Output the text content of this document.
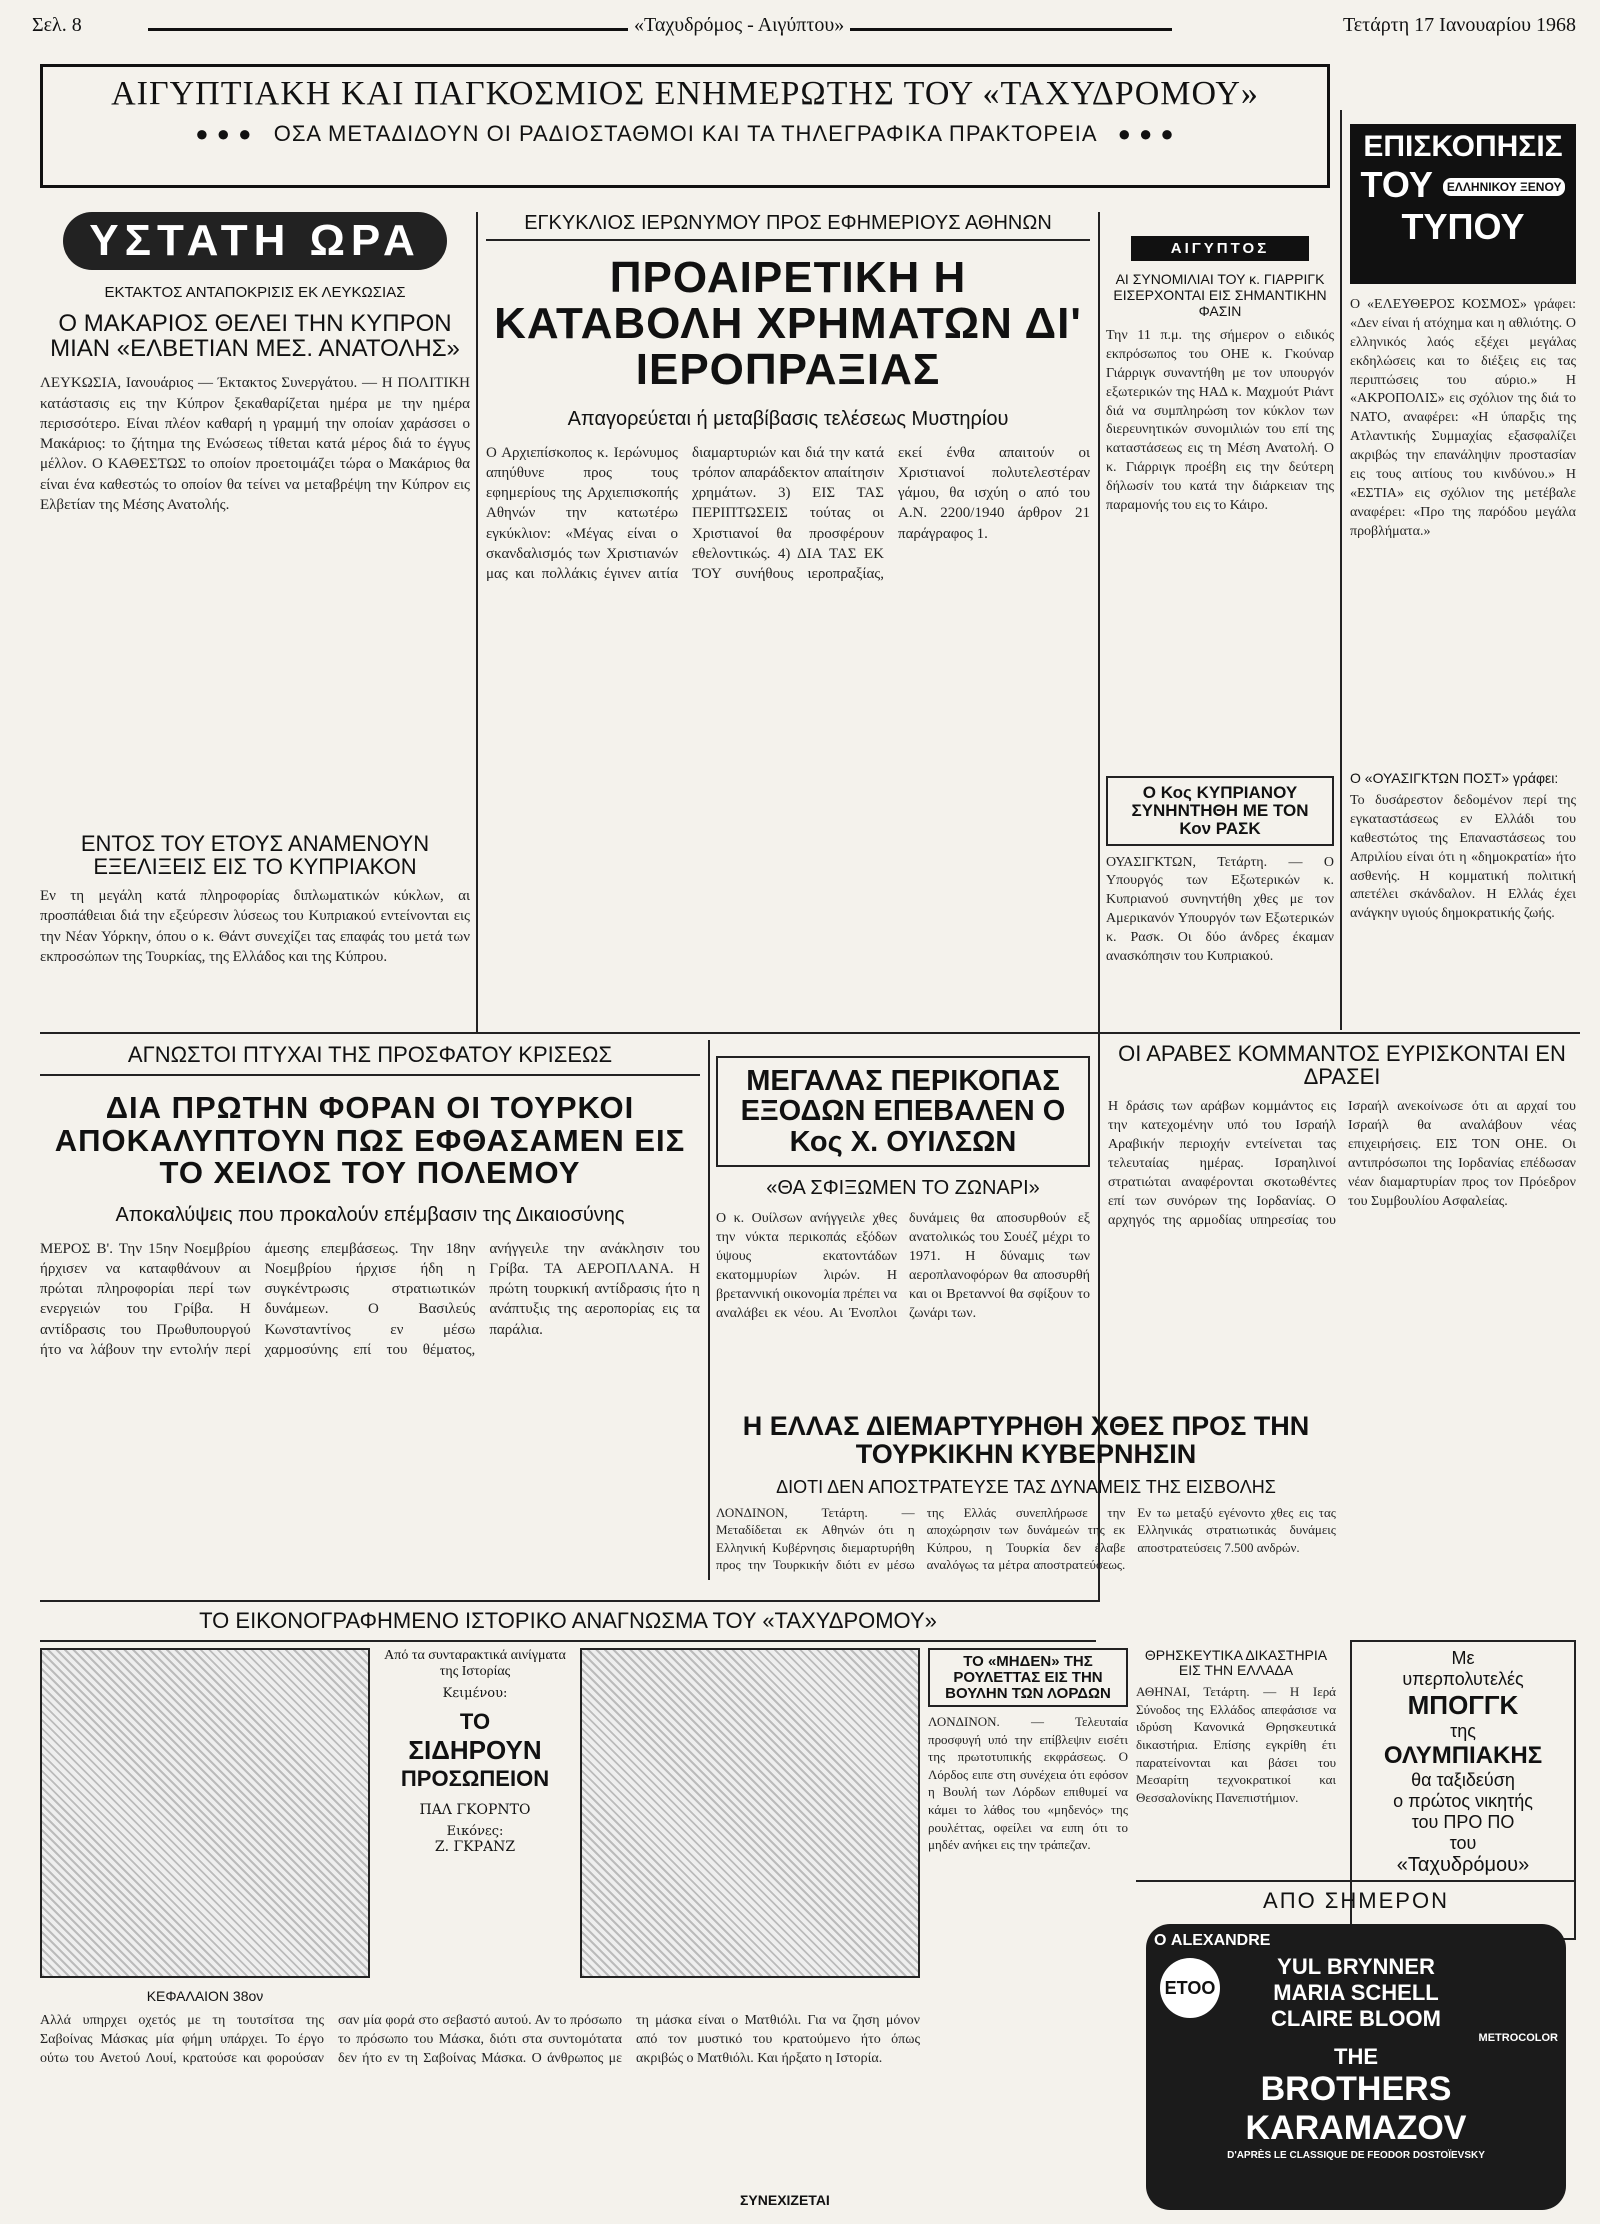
Σελ. 8	«Ταχυδρόμος - Αιγύπτου»	Τετάρτη 17 Ιανουαρίου 1968
ΑΙΓΥΠΤΙΑΚΗ ΚΑΙ ΠΑΓΚΟΣΜΙΟΣ ΕΝΗΜΕΡΩΤΗΣ ΤΟΥ «ΤΑΧΥΔΡΟΜΟΥ»
● ● ●   ΟΣΑ ΜΕΤΑΔΙΔΟΥΝ ΟΙ ΡΑΔΙΟΣΤΑΘΜΟΙ ΚΑΙ ΤΑ ΤΗΛΕΓΡΑΦΙΚΑ ΠΡΑΚΤΟΡΕΙΑ   ● ● ●	ΕΠΙΣΚΟΠΗΣΙΣ
ΤΟΥ ΕΛΛΗΝΙΚΟΥ ΞΕΝΟΥ
ΤΥΠΟΥ
ΥΣΤΑΤΗ ΩΡΑ
ΕΚΤΑΚΤΟΣ ΑΝΤΑΠΟΚΡΙΣΙΣ ΕΚ ΛΕΥΚΩΣΙΑΣ
Ο ΜΑΚΑΡΙΟΣ ΘΕΛΕΙ ΤΗΝ ΚΥΠΡΟΝ ΜΙΑΝ «ΕΛΒΕΤΙΑΝ ΜΕΣ. ΑΝΑΤΟΛΗΣ»
ΛΕΥΚΩΣΙΑ, Ιανουάριος — Έκτακτος Συνεργάτου. — Η ΠΟΛΙΤΙΚΗ κατάστασις εις την Κύπρον ξεκαθαρίζεται ημέρα με την ημέρα περισσότερο. Είναι πλέον καθαρή η γραμμή την οποίαν χαράσσει ο Μακάριος: το ζήτημα της Ενώσεως τίθεται κατά μέρος διά το έγγυς μέλλον. Ο ΚΑΘΕΣΤΩΣ το οποίον προετοιμάζει τώρα ο Μακάριος θα είναι ένα καθεστώς το οποίον θα τείνει να μεταβρέψη την Κύπρον εις Ελβετίαν της Μέσης Ανατολής.
ΕΝΤΟΣ ΤΟΥ ΕΤΟΥΣ ΑΝΑΜΕΝΟΥΝ ΕΞΕΛΙΞΕΙΣ ΕΙΣ ΤΟ ΚΥΠΡΙΑΚΟΝ
Εν τη μεγάλη κατά πληροφορίας διπλωματικών κύκλων, αι προσπάθειαι διά την εξεύρεσιν λύσεως του Κυπριακού εντείνονται εις την Νέαν Υόρκην, όπου ο κ. Θάντ συνεχίζει τας επαφάς του μετά των εκπροσώπων της Τουρκίας, της Ελλάδος και της Κύπρου.
ΕΓΚΥΚΛΙΟΣ ΙΕΡΩΝΥΜΟΥ ΠΡΟΣ ΕΦΗΜΕΡΙΟΥΣ ΑΘΗΝΩΝ
ΠΡΟΑΙΡΕΤΙΚΗ Η ΚΑΤΑΒΟΛΗ ΧΡΗΜΑΤΩΝ ΔΙ' ΙΕΡΟΠΡΑΞΙΑΣ
Απαγορεύεται ή μεταβίβασις τελέσεως Μυστηρίου
Ο Αρχιεπίσκοπος κ. Ιερώνυμος απηύθυνε προς τους εφημερίους της Αρχιεπισκοπής Αθηνών την κατωτέρω εγκύκλιον: «Μέγας είναι ο σκανδαλισμός των Χριστιανών μας και πολλάκις έγινεν αιτία διαμαρτυριών και διά την κατά τρόπον απαράδεκτον απαίτησιν χρημάτων. 3) ΕΙΣ ΤΑΣ ΠΕΡΙΠΤΩΣΕΙΣ τούτας οι Χριστιανοί θα προσφέρουν εθελοντικώς. 4) ΔΙΑ ΤΑΣ ΕΚ ΤΟΥ συνήθους ιεροπραξίας, εκεί ένθα απαιτούν οι Χριστιανοί πολυτελεστέραν γάμου, θα ισχύη ο από του Α.Ν. 2200/1940 άρθρον 21 παράγραφος 1.
ΑΙΓΥΠΤΟΣ
ΑΙ ΣΥΝΟΜΙΛΙΑΙ ΤΟΥ κ. ΓΙΑΡΡΙΓΚ ΕΙΣΕΡΧΟΝΤΑΙ ΕΙΣ ΣΗΜΑΝΤΙΚΗΝ ΦΑΣΙΝ
Την 11 π.μ. της σήμερον ο ειδικός εκπρόσωπος του ΟΗΕ κ. Γκούναρ Γιάρριγκ συναντήθη με τον υπουργόν εξωτερικών της ΗΑΔ κ. Μαχμούτ Ριάντ διά να συμπληρώση τον κύκλον των διερευνητικών συνομιλιών του επί της καταστάσεως εις τη Μέση Ανατολή. Ο κ. Γιάρριγκ προέβη εις την δεύτερη δήλωσίν του κατά την διάρκειαν της παραμονής του εις το Κάιρο.
Ο Κος ΚΥΠΡΙΑΝΟΥ ΣΥΝΗΝΤΗΘΗ ΜΕ ΤΟΝ Κον ΡΑΣΚ
ΟΥΑΣΙΓΚΤΩΝ, Τετάρτη. — Ο Υπουργός των Εξωτερικών κ. Κυπριανού συνηντήθη χθες με τον Αμερικανόν Υπουργόν των Εξωτερικών κ. Ρασκ. Οι δύο άνδρες έκαμαν ανασκόπησιν του Κυπριακού.
Ο «ΕΛΕΥΘΕΡΟΣ ΚΟΣΜΟΣ» γράφει: «Δεν είναι ή ατόχημα και η αθλιότης. Ο ελληνικός λαός εξέχει μεγάλας εκδηλώσεις και το διέξεις εις τας περιπτώσεις του αύριο.» Η «ΑΚΡΟΠΟΛΙΣ» εις σχόλιον της διά το ΝΑΤΟ, αναφέρει: «Η ύπαρξις της Ατλαντικής Συμμαχίας εξασφαλίζει ακριβώς την επανάληψιν προστασίαν εις τους αιτίους του κινδύνου.» Η «ΕΣΤΙΑ» εις σχόλιον της μετέβαλε αναφέρει: «Προ της παρόδου μεγάλα προβλήματα.»
Ο «ΟΥΑΣΙΓΚΤΩΝ ΠΟΣΤ» γράφει:
Το δυσάρεστον δεδομένον περί της εγκαταστάσεως εν Ελλάδι του καθεστώτος της Επαναστάσεως του Απριλίου είναι ότι η «δημοκρατία» ήτο ασθενής. Η κομματική πολιτική απετέλει σκάνδαλον. Η Ελλάς έχει ανάγκην υγιούς δημοκρατικής ζωής.
ΑΓΝΩΣΤΟΙ ΠΤΥΧΑΙ ΤΗΣ ΠΡΟΣΦΑΤΟΥ ΚΡΙΣΕΩΣ
ΔΙΑ ΠΡΩΤΗΝ ΦΟΡΑΝ ΟΙ ΤΟΥΡΚΟΙ ΑΠΟΚΑΛΥΠΤΟΥΝ ΠΩΣ ΕΦΘΑΣΑΜΕΝ ΕΙΣ ΤΟ ΧΕΙΛΟΣ ΤΟΥ ΠΟΛΕΜΟΥ
Αποκαλύψεις που προκαλούν επέμβασιν της Δικαιοσύνης
ΜΕΡΟΣ Β'. Την 15ην Νοεμβρίου ήρχισεν να καταφθάνουν αι πρώται πληροφορίαι περί των ενεργειών του Γρίβα. Η αντίδρασις του Πρωθυπουργού ήτο να λάβουν την εντολήν περί άμεσης επεμβάσεως. Την 18ην Νοεμβρίου ήρχισε ήδη η συγκέντρωσις στρατιωτικών δυνάμεων. Ο Βασιλεύς Κωνσταντίνος εν μέσω χαρμοσύνης επί του θέματος, ανήγγειλε την ανάκλησιν του Γρίβα. ΤΑ ΑΕΡΟΠΛΑΝΑ. Η πρώτη τουρκική αντίδρασις ήτο η ανάπτυξις της αεροπορίας εις τα παράλια.
ΜΕΓΑΛΑΣ ΠΕΡΙΚΟΠΑΣ ΕΞΟΔΩΝ ΕΠΕΒΑΛΕΝ Ο Κος Χ. ΟΥΙΛΣΩΝ
«ΘΑ ΣΦΙΞΩΜΕΝ ΤΟ ΖΩΝΑΡΙ»
Ο κ. Ουίλσων ανήγγειλε χθες την νύκτα περικοπάς εξόδων ύψους εκατοντάδων εκατομμυρίων λιρών. Η βρεταννική οικονομία πρέπει να αναλάβει εκ νέου. Αι Ένοπλοι δυνάμεις θα αποσυρθούν εξ ανατολικώς του Σουέζ μέχρι το 1971. Η δύναμις των αεροπλανοφόρων θα αποσυρθή και οι Βρεταννοί θα σφίξουν το ζωνάρι των.
Η ΕΛΛΑΣ ΔΙΕΜΑΡΤΥΡΗΘΗ ΧΘΕΣ ΠΡΟΣ ΤΗΝ ΤΟΥΡΚΙΚΗΝ ΚΥΒΕΡΝΗΣΙΝ
ΔΙΟΤΙ ΔΕΝ ΑΠΟΣΤΡΑΤΕΥΣΕ ΤΑΣ ΔΥΝΑΜΕΙΣ ΤΗΣ ΕΙΣΒΟΛΗΣ
ΛΟΝΔΙΝΟΝ, Τετάρτη. — Μεταδίδεται εκ Αθηνών ότι η Ελληνική Κυβέρνησις διεμαρτυρήθη προς την Τουρκικήν διότι εν μέσω της Ελλάς συνεπλήρωσε την αποχώρησιν των δυνάμεών της εκ Κύπρου, η Τουρκία δεν έλαβε αναλόγως τα μέτρα αποστρατεύσεως. Εν τω μεταξύ εγένοντο χθες εις τας Ελληνικάς στρατιωτικάς δυνάμεις αποστρατεύσεις 7.500 ανδρών.
ΟΙ ΑΡΑΒΕΣ ΚΟΜΜΑΝΤΟΣ ΕΥΡΙΣΚΟΝΤΑΙ ΕΝ ΔΡΑΣΕΙ
Η δράσις των αράβων κομμάντος εις την κατεχομένην υπό του Ισραήλ Αραβικήν περιοχήν εντείνεται τας τελευταίας ημέρας. Ισραηλινοί στρατιώται αναφέρονται σκοτωθέντες επί των συνόρων της Ιορδανίας. Ο αρχηγός της αρμοδίας υπηρεσίας του Ισραήλ ανεκοίνωσε ότι αι αρχαί του Ισραήλ θα αναλάβουν νέας επιχειρήσεις. ΕΙΣ ΤΟΝ ΟΗΕ. Οι αντιπρόσωποι της Ιορδανίας επέδωσαν νέαν διαμαρτυρίαν προς τον Πρόεδρον του Συμβουλίου Ασφαλείας.
Με
υπερπολυτελές
ΜΠΟΓΓΚ
της
ΟΛΥΜΠΙΑΚΗΣ
θα ταξιδεύση
ο πρώτος νικητής
του ΠΡΟ ΠΟ
του
«Ταχυδρόμου»
ΤΟ ΕΙΚΟΝΟΓΡΑΦΗΜΕΝΟ ΙΣΤΟΡΙΚΟ ΑΝΑΓΝΩΣΜΑ ΤΟΥ «ΤΑΧΥΔΡΟΜΟΥ»
Από τα συνταρακτικά αινίγματα της Ιστορίας
Κειμένου:
ΤΟ
ΣΙΔΗΡΟΥΝ
ΠΡΟΣΩΠΕΙΟΝ
ΠΑΛ ΓΚΟΡΝΤΟ
Εικόνες:
Ζ. ΓΚΡΑΝΖ
ΚΕΦΑΛΑΙΟΝ 38ον
Αλλά υπηρχει οχετός με τη τουτσίτσα της Σαβοίνας Μάσκας μία φήμη υπάρχει. Το έργο ούτω του Ανετού Λουί, κρατούσε και φορούσαν σαν μία φορά στο σεβαστό αυτού. Αν το πρόσωπο το πρόσωπο του Μάσκα, διότι στα συντομότατα δεν ήτο εν τη Σαβοίνας Μάσκα. Ο άνθρωπος με τη μάσκα είναι ο Ματθιόλι. Για να ζηση μόνον από τον μυστικό του κρατούμενο ήτο όπως ακριβώς ο Ματθιόλι. Και ήρξατο η Ιστορία.
ΣΥΝΕΧΙΖΕΤΑΙ
ΤΟ «ΜΗΔΕΝ» ΤΗΣ ΡΟΥΛΕΤΤΑΣ ΕΙΣ ΤΗΝ ΒΟΥΛΗΝ ΤΩΝ ΛΟΡΔΩΝ
ΛΟΝΔΙΝΟΝ. — Τελευταία προσφυγή υπό την επίβλεψιν εισέτι της πρωτοτυπικής εκφράσεως. Ο Λόρδος ειπε στη συνέχεια ότι εφόσον η Βουλή των Λόρδων επιθυμεί να κάμει το λάθος του «μηδενός» της ρουλέττας, οφείλει να ειπη ότι το μηδέν ανήκει εις την τράπεζαν.
ΘΡΗΣΚΕΥΤΙΚΑ ΔΙΚΑΣΤΗΡΙΑ ΕΙΣ ΤΗΝ ΕΛΛΑΔΑ
ΑΘΗΝΑΙ, Τετάρτη. — Η Ιερά Σύνοδος της Ελλάδος απεφάσισε να ιδρύση Κανονικά Θρησκευτικά δικαστήρια. Επίσης εγκρίθη έτι παρατείνονται και βάσει του Μεσαρίτη τεχνοκρατικοί και Θεσσαλονίκης Πανεπιστήμιον.
ΑΠΟ ΣΗΜΕΡΟΝ
Ο ALEXANDRE
ΕΤΟΟ
YUL BRYNNER
MARIA SCHELL
CLAIRE BLOOM
METROCOLOR
THE
BROTHERS
KARAMAZOV
D'APRÈS LE CLASSIQUE DE FEODOR DOSTOÏEVSKY
